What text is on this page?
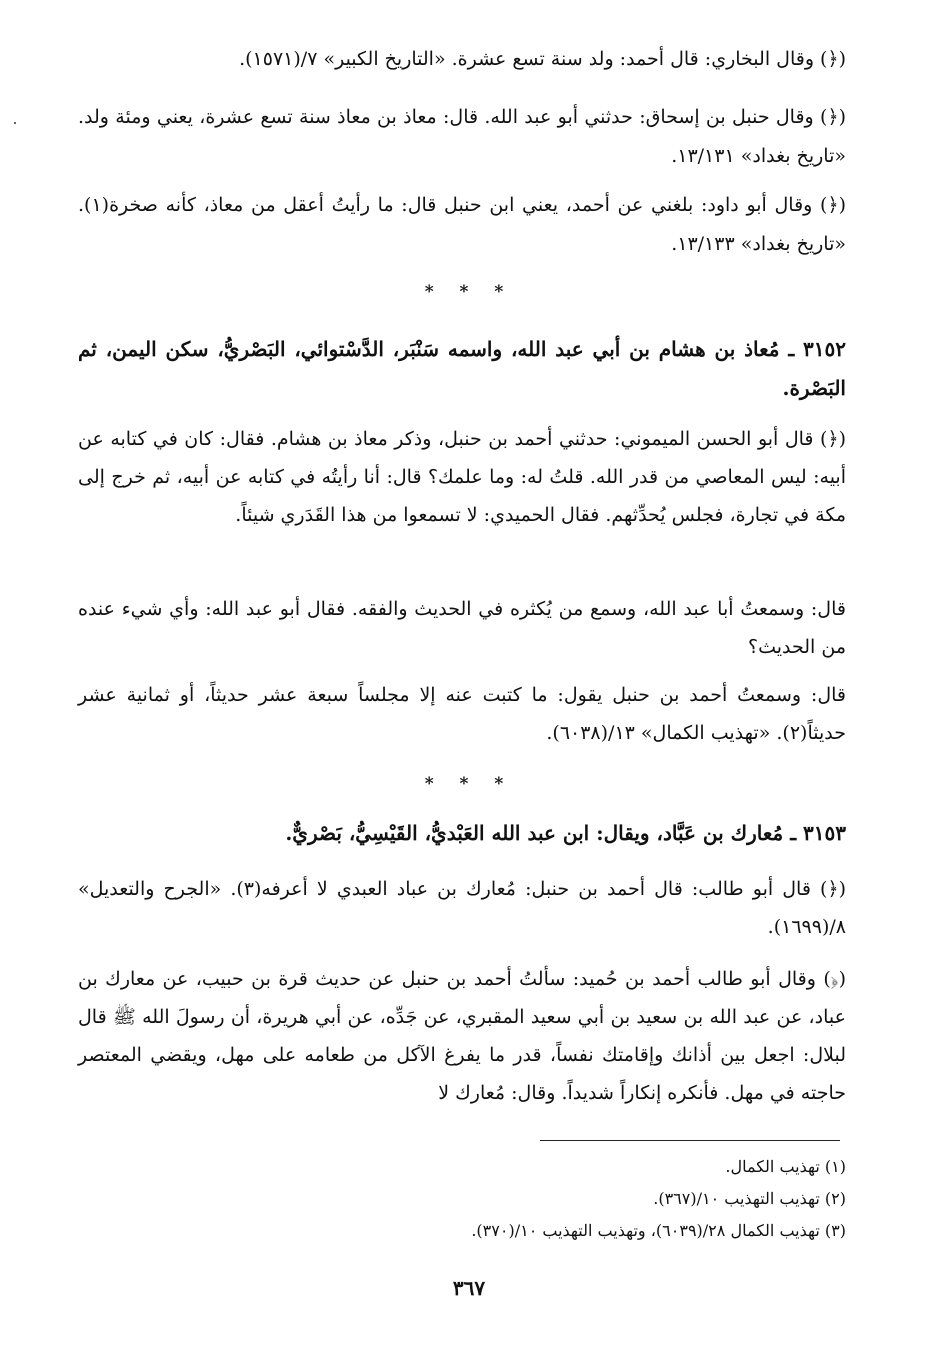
(﴿) وقال البخاري: قال أحمد: ولد سنة تسع عشرة. «التاريخ الكبير» ٧/(١٥٧١).
(﴿) وقال حنبل بن إسحاق: حدثني أبو عبد الله. قال: معاذ بن معاذ سنة تسع عشرة، يعني ومئة ولد. «تاريخ بغداد» ١٣/١٣١.
(﴿) وقال أبو داود: بلغني عن أحمد، يعني ابن حنبل قال: ما رأيتُ أعقل من معاذ، كأنه صخرة(١). «تاريخ بغداد» ١٣/١٣٣.
* * *
٣١٥٢ ـ مُعاذ بن هشام بن أبي عبد الله، واسمه سَنْبَر، الدَّسْتوائي، البَصْريُّ، سكن اليمن، ثم البَصْرة.
(﴿) قال أبو الحسن الميموني: حدثني أحمد بن حنبل، وذكر معاذ بن هشام. فقال: كان في كتابه عن أبيه: ليس المعاصي من قدر الله. قلتُ له: وما علمك؟ قال: أنا رأيتُه في كتابه عن أبيه، ثم خرج إلى مكة في تجارة، فجلس يُحدِّثهم. فقال الحميدي: لا تسمعوا من هذا القَدَري شيئاً.
قال: وسمعتُ أبا عبد الله، وسمع من يُكثره في الحديث والفقه. فقال أبو عبد الله: وأي شيء عنده من الحديث؟
قال: وسمعتُ أحمد بن حنبل يقول: ما كتبت عنه إلا مجلساً سبعة عشر حديثاً، أو ثمانية عشر حديثاً(٢). «تهذيب الكمال» ١٣/(٦٠٣٨).
* * *
٣١٥٣ ـ مُعارك بن عَبَّاد، ويقال: ابن عبد الله العَبْديُّ، القَيْسِيُّ، بَصْريٌّ.
(﴿) قال أبو طالب: قال أحمد بن حنبل: مُعارك بن عباد العبدي لا أعرفه(٣). «الجرح والتعديل» ٨/(١٦٩٩).
(﴿) وقال أبو طالب أحمد بن حُميد: سألتُ أحمد بن حنبل عن حديث قرة بن حبيب، عن معارك بن عباد، عن عبد الله بن سعيد بن أبي سعيد المقبري، عن جَدِّه، عن أبي هريرة، أن رسولَ الله ﷺ قال لبلال: اجعل بين أذانك وإقامتك نفساً، قدر ما يفرغ الآكل من طعامه على مهل، ويقضي المعتصر حاجته في مهل. فأنكره إنكاراً شديداً. وقال: مُعارك لا
(١) تهذيب الكمال.
(٢) تهذيب التهذيب ١٠/(٣٦٧).
(٣) تهذيب الكمال ٢٨/(٦٠٣٩)، وتهذيب التهذيب ١٠/(٣٧٠).
٣٦٧
